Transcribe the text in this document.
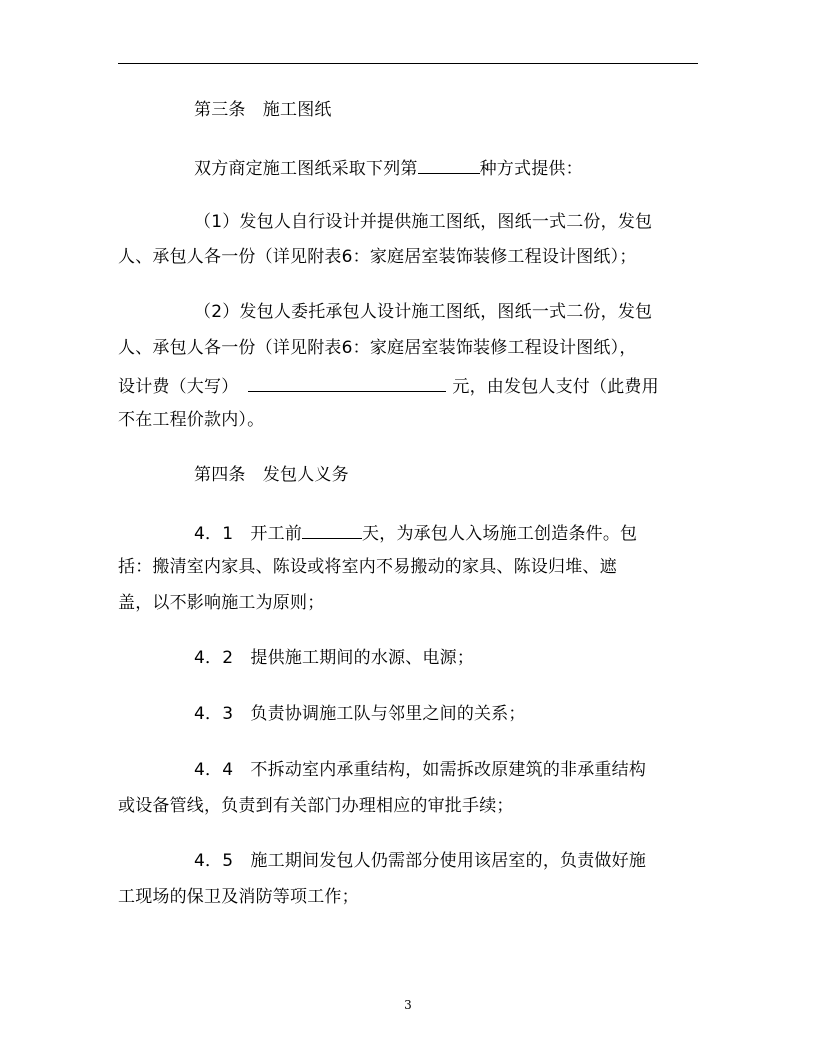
第三条　施工图纸
双方商定施工图纸采取下列第	种方式提供：
（1）发包人自行设计并提供施工图纸，图纸一式二份，发包
人、承包人各一份（详见附表6：家庭居室装饰装修工程设计图纸）；
（2）发包人委托承包人设计施工图纸，图纸一式二份，发包
人、承包人各一份（详见附表6：家庭居室装饰装修工程设计图纸），
设计费（大写）	元，由发包人支付（此费用
不在工程价款内）。
第四条　发包人义务
4．1　开工前	天，为承包人入场施工创造条件。包
括：搬清室内家具、陈设或将室内不易搬动的家具、陈设归堆、遮
盖，以不影响施工为原则；
4．2　提供施工期间的水源、电源；
4．3　负责协调施工队与邻里之间的关系；
4．4　不拆动室内承重结构，如需拆改原建筑的非承重结构
或设备管线，负责到有关部门办理相应的审批手续；
4．5　施工期间发包人仍需部分使用该居室的，负责做好施
工现场的保卫及消防等项工作；
3
